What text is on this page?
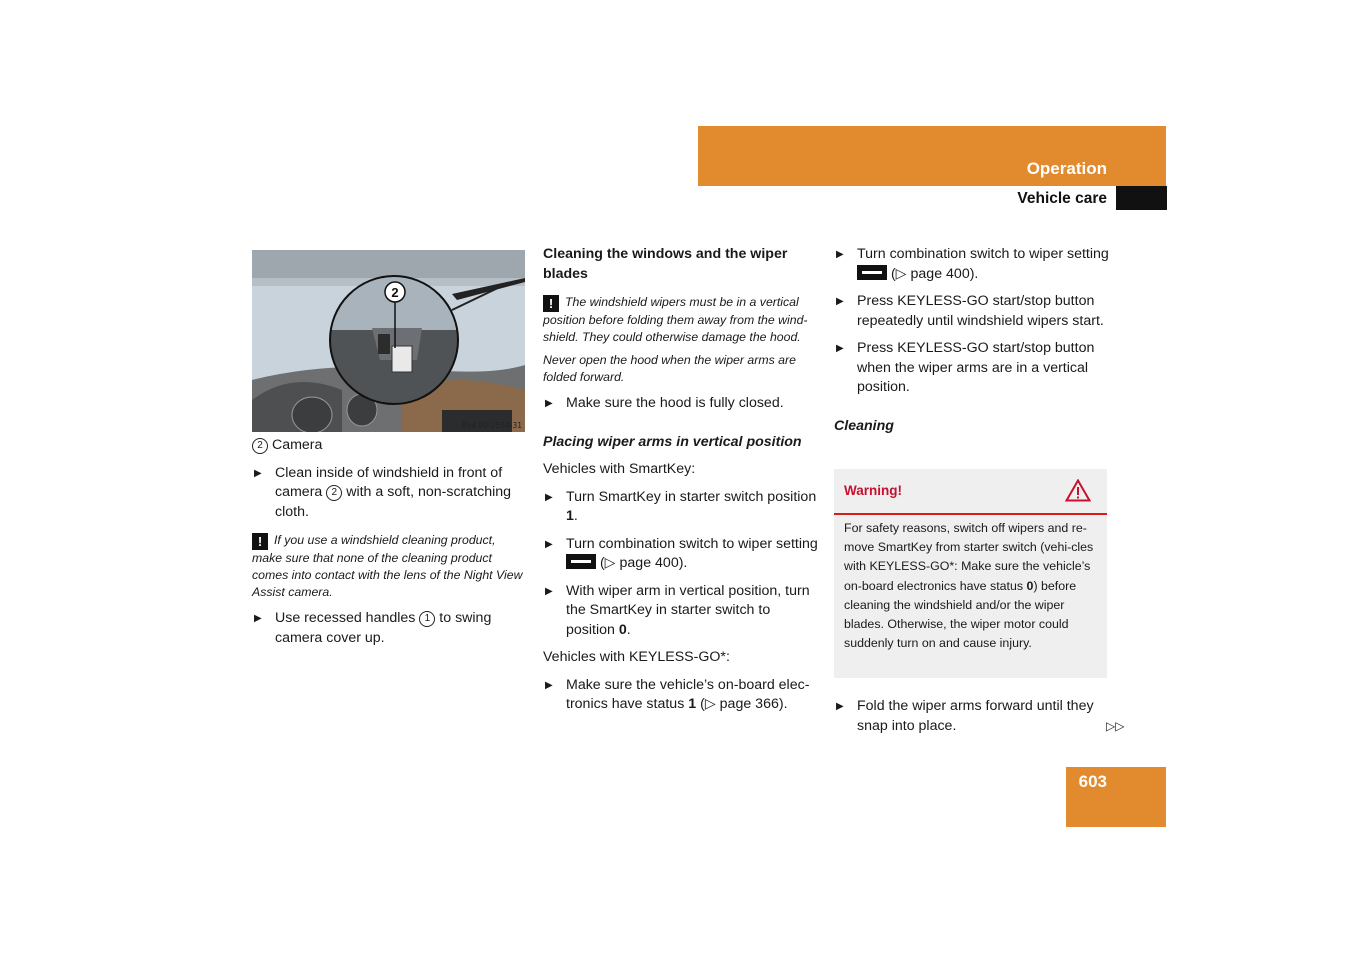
Operation
Vehicle care
2
P54.00-2594-31

2 Camera

▶ Clean inside of windshield in front of camera 2 with a soft, non-scratching cloth.

! If you use a windshield cleaning product, make sure that none of the cleaning product comes into contact with the lens of the Night View Assist camera.

▶ Use recessed handles 1 to swing camera cover up.

Cleaning the windows and the wiper blades

! The windshield wipers must be in a vertical position before folding them away from the wind-shield. They could otherwise damage the hood.

Never open the hood when the wiper arms are folded forward.

▶ Make sure the hood is fully closed.

Placing wiper arms in vertical position

Vehicles with SmartKey:

▶ Turn SmartKey in starter switch position 1.

▶ Turn combination switch to wiper setting  (▷ page 400).

▶ With wiper arm in vertical position, turn the SmartKey in starter switch to position 0.

Vehicles with KEYLESS-GO*:

▶ Make sure the vehicle’s on-board elec-tronics have status 1 (▷ page 366).

▶ Turn combination switch to wiper setting  (▷ page 400).

▶ Press KEYLESS-GO start/stop button repeatedly until windshield wipers start.

▶ Press KEYLESS-GO start/stop button when the wiper arms are in a vertical position.

Cleaning

Warning!
For safety reasons, switch off wipers and re-move SmartKey from starter switch (vehi-cles with KEYLESS-GO*: Make sure the vehicle’s on-board electronics have status 0) before cleaning the windshield and/or the wiper blades. Otherwise, the wiper motor could suddenly turn on and cause injury.

▶ Fold the wiper arms forward until they snap into place.	▷▷
603
